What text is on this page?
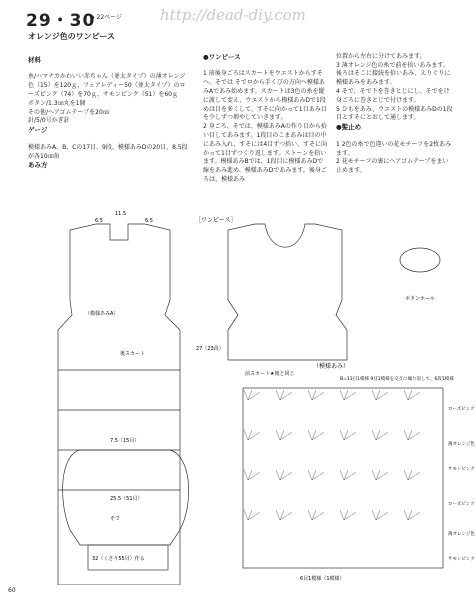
29・30
◆ 22ページ	http://dead-diy.com
オレンジ色のワンピース

材料

糸/ハマナカかわいい赤ちゃん（並太タイプ）の薄オレンジ色（15）を120ｇ、フェアレディー50（並太タイプ）のローズピンク（74）を70ｇ、サモンピンク（51）を60ｇ
ボタン/1.3㎝丸を1個
その他/ヘアゴムテープを20㎝
針/5/0号かぎ針

ゲージ

模様あみA、B、Cの17目、9段、模様あみDの20目、8.5段が各10㎝角

あみ方

●ワンピース

1 前後身ごろはスカートをウエストからすそへ、そでは そでロから手くびの方向へ模様あみAであみ始めます。スカートは3色の糸を縦に渡して変え、ウエストから模様あみDで1段めは目を多くして、すそに向かって1目あみ目を少しずつ増やしていきます。
2 身ごろ、そでは、模様あみAの作り目から拾い目してあみます。1段目のこまあみは目の中にあみ入れ、すそには4目ずつ拾い、すそに向かって1目ずつくり返します。ストーンを拾います。模様あみBでは、1段目に模様あみDで線をあみ進め、模様あみDであみます。後身ごろは、模様あみ

位置から左右に分けてあみます。
3 薄オレンジ色の糸で前を拾いあみます。後ろはそこに接続を拾いあみ、えりぐりに模様あみをあみます。
4 そで、そで下を巻きとじにし、そでをけ身ごろに巻きとじで付けます。
5 ひもをあみ、ウエストの模様あみDの1段目とすそにとおして通します。

●髪止め

1 2色の糸で色違いの花モチーフを2枚あみます。
2 花モチーフの裏にヘアゴムテープをまい止めます。

6.5
11.5
6.5
（模様あみA）
後スカート
［ワンピース］
前スカート★後と同じ
7.5（15目）
25.5（51目）
そで
32（くさり55目）作る
27（23段）
（模様あみ）
B=13目1模様 9目1模様を交互に繰り返して、6段1模様
ボタンホール
6目1模様（1模様）
ローズピンク
薄オレンジ色
サモンピンク
ローズピンク
薄オレンジ色
サモンピンク
60
